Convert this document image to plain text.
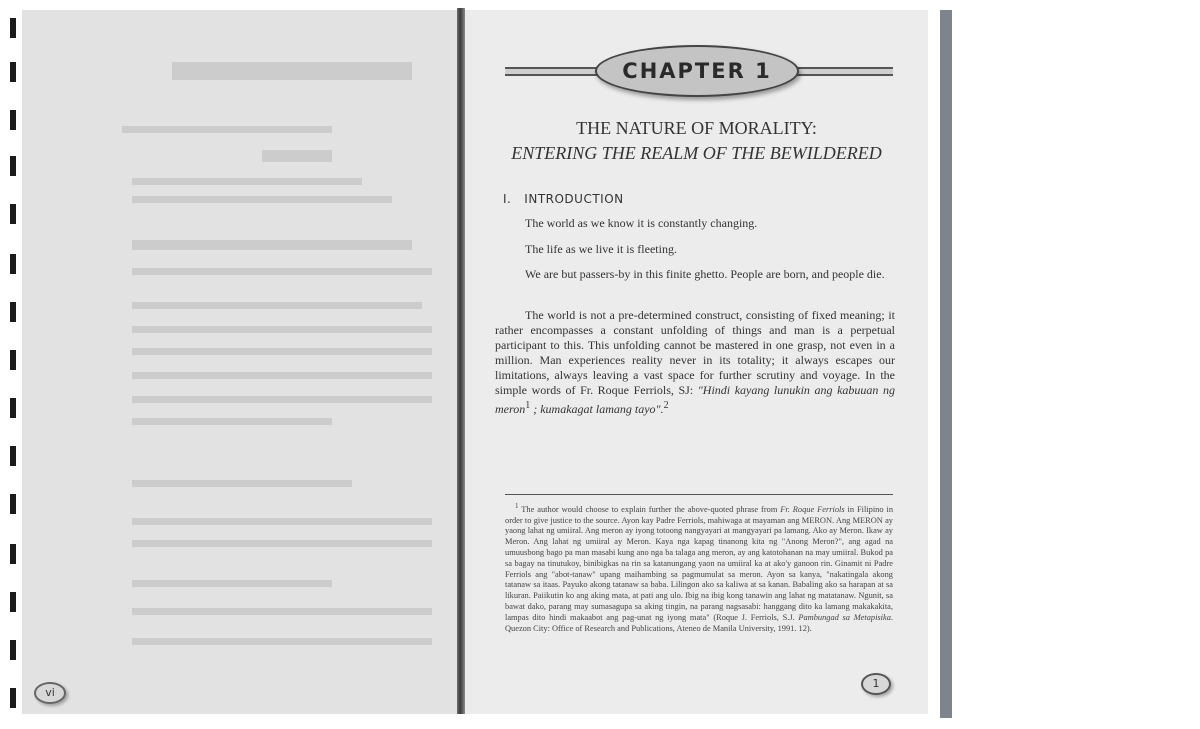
vi
CHAPTER 1
THE NATURE OF MORALITY:
ENTERING THE REALM OF THE BEWILDERED
I.   INTRODUCTION

The world as we know it is constantly changing.

The life as we live it is fleeting.

We are but passers-by in this finite ghetto. People are born, and people die.

The world is not a pre-determined construct, consisting of fixed meaning; it rather encompasses a constant unfolding of things and man is a perpetual participant to this. This unfolding cannot be mastered in one grasp, not even in a million. Man experiences reality never in its totality; it always escapes our limitations, always leaving a vast space for further scrutiny and voyage. In the simple words of Fr. Roque Ferriols, SJ: "Hindi kayang lunukin ang kabuuan ng meron$^1$ ; kumakagat lamang tayo".$^2$

$^1$ The author would choose to explain further the above-quoted phrase from Fr. Roque Ferriols in Filipino in order to give justice to the source. Ayon kay Padre Ferriols, mahiwaga at mayaman ang MERON. Ang MERON ay yaong lahat ng umiiral. Ang meron ay iyong totoong nangyayari at mangyayari pa lamang. Ako ay Meron. Ikaw ay Meron. Ang lahat ng umiiral ay Meron. Kaya nga kapag tinanong kita ng "Anong Meron?", ang agad na umuusbong bago pa man masabi kung ano nga ba talaga ang meron, ay ang katotohanan na may umiiral. Bukod pa sa bagay na tinutukoy, binibigkas na rin sa katanungang yaon na umiiral ka at ako'y ganoon rin. Ginamit ni Padre Ferriols ang "abot-tanaw" upang maihambing sa pagmumulat sa meron. Ayon sa kanya, "nakatingala akong tatanaw sa itaas. Payuko akong tatanaw sa baba. Lilingon ako sa kaliwa at sa kanan. Babaling ako sa harapan at sa likuran. Paiikutin ko ang aking mata, at pati ang ulo. Ibig na ibig kong tanawin ang lahat ng matatanaw. Ngunit, sa bawat dako, parang may sumasagupa sa aking tingin, na parang nagsasabi: hanggang dito ka lamang makakakita, lampas dito hindi makaabot ang pag-unat ng iyong mata" (Roque J. Ferriols, S.J. Pambungad sa Metapisika. Quezon City: Office of Research and Publications, Ateneo de Manila University, 1991. 12).

1
